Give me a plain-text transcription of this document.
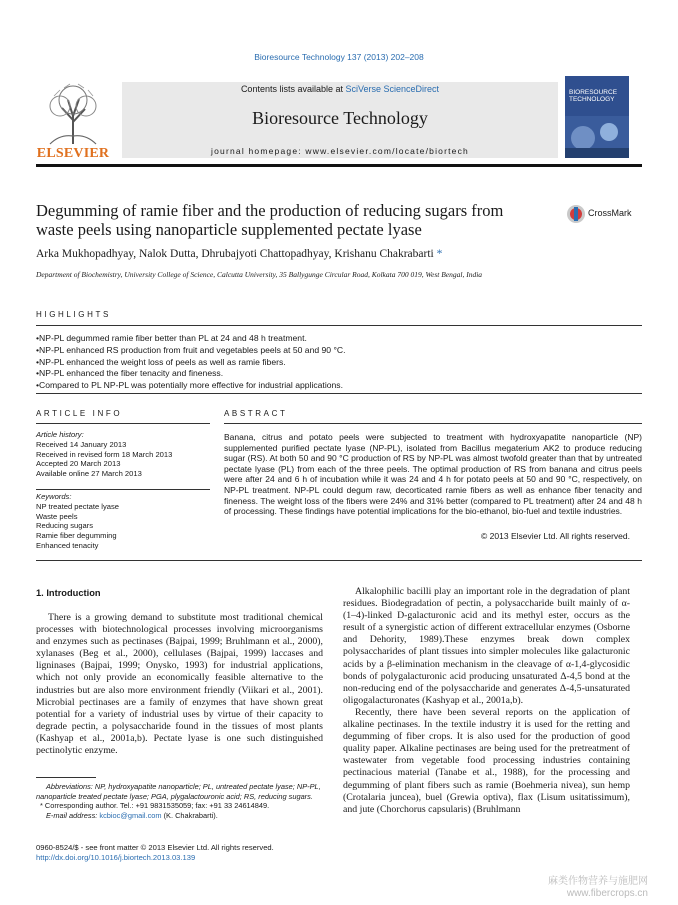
Bioresource Technology 137 (2013) 202–208
ELSEVIER
Contents lists available at SciVerse ScienceDirect
Bioresource Technology
journal homepage: www.elsevier.com/locate/biortech
BIORESOURCE TECHNOLOGY
Degumming of ramie fiber and the production of reducing sugars from waste peels using nanoparticle supplemented pectate lyase
CrossMark
Arka Mukhopadhyay, Nalok Dutta, Dhrubajyoti Chattopadhyay, Krishanu Chakrabarti *
Department of Biochemistry, University College of Science, Calcutta University, 35 Ballygunge Circular Road, Kolkata 700 019, West Bengal, India
HIGHLIGHTS
• NP-PL degummed ramie fiber better than PL at 24 and 48 h treatment.
• NP-PL enhanced RS production from fruit and vegetables peels at 50 and 90 °C.
• NP-PL enhanced the weight loss of peels as well as ramie fibers.
• NP-PL enhanced the fiber tenacity and fineness.
• Compared to PL NP-PL was potentially more effective for industrial applications.
ARTICLE INFO	ABSTRACT
Article history:
Received 14 January 2013
Received in revised form 18 March 2013
Accepted 20 March 2013
Available online 27 March 2013
Keywords:
NP treated pectate lyase
Waste peels
Reducing sugars
Ramie fiber degumming
Enhanced tenacity
Banana, citrus and potato peels were subjected to treatment with hydroxyapatite nanoparticle (NP) supplemented purified pectate lyase (NP-PL), isolated from Bacillus megaterium AK2 to produce reducing sugar (RS). At both 50 and 90 °C production of RS by NP-PL was almost twofold greater than that by untreated pectate lyase (PL) from each of the three peels. The optimal production of RS from banana and citrus peels were after 24 and 6 h of incubation while it was 24 and 4 h for potato peels at 50 and 90 °C, respectively, on NP-PL treatment. NP-PL could degum raw, decorticated ramie fibers as well as enhance fiber tenacity and fineness. The weight loss of the fibers were 24% and 31% better (compared to PL treatment) after 24 and 48 h of processing. These findings have potential implications for the bio-ethanol, bio-fuel and textile industries.
© 2013 Elsevier Ltd. All rights reserved.
1. Introduction
There is a growing demand to substitute most traditional chemical processes with biotechnological processes involving microorganisms and enzymes such as pectinases (Bajpai, 1999; Bruhlmann et al., 2000), xylanases (Beg et al., 2000), cellulases (Bajpai, 1999) laccases and ligninases (Bajpai, 1999; Onysko, 1993) for industrial applications, which not only provide an economically feasible alternative to the industries but are also more environment friendly (Viikari et al., 2001). Microbial pectinases are a family of enzymes that have shown great potential for a variety of industrial uses by virtue of their capacity to degrade pectin, a polysaccharide found in the tissues of most plants (Kashyap et al., 2001a,b). Pectate lyase is one such distinguished pectinolytic enzyme.

Alkalophilic bacilli play an important role in the degradation of plant residues. Biodegradation of pectin, a polysaccharide built mainly of α-(1–4)-linked D-galacturonic acid and its methyl ester, occurs as the result of a synergistic action of different extracellular enzymes (Osborne and Dehority, 1989).These enzymes break down complex polysaccharides of plant tissues into simpler molecules like galacturonic acids by a β-elimination mechanism in the cleavage of α-1,4-glycosidic bonds of polygalacturonic acid producing unsaturated Δ-4,5 bond at the non-reducing end of the polysaccharide and generates Δ-4,5-unsaturated oligogalacturonates (Kashyap et al., 2001a,b).

Recently, there have been several reports on the application of alkaline pectinases. In the textile industry it is used for the retting and degumming of fiber crops. It is also used for the production of good quality paper. Alkaline pectinases are being used for the pretreatment of wastewater from vegetable food processing industries containing pectinacious material (Tanabe et al., 1988), for the processing and degumming of plant fibers such as ramie (Boehmeria nivea), sun hemp (Crotalaria juncea), buel (Grewia optiva), flax (Lisum usitatissimum), and jute (Chorchorus capsularis) (Bruhlmann

Abbreviations: NP, hydroxyapatite nanoparticle; PL, untreated pectate lyase; NP-PL, nanoparticle treated pectate lyase; PGA, plygalactouronic acid; RS, reducing sugars.
* Corresponding author. Tel.: +91 9831535059; fax: +91 33 24614849.
E-mail address: kcbioc@gmail.com (K. Chakrabarti).
0960-8524/$ - see front matter © 2013 Elsevier Ltd. All rights reserved.
http://dx.doi.org/10.1016/j.biortech.2013.03.139
麻类作物营养与施肥网
www.fibercrops.cn
